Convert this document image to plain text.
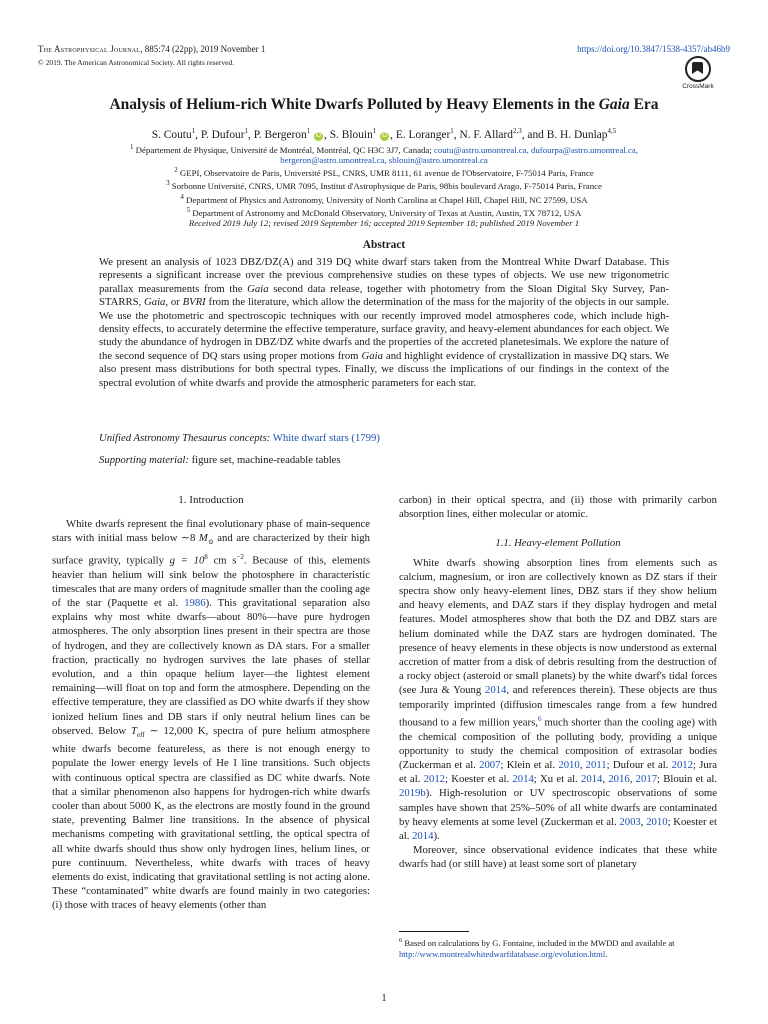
The Astrophysical Journal, 885:74 (22pp), 2019 November 1
© 2019. The American Astronomical Society. All rights reserved.
https://doi.org/10.3847/1538-4357/ab46b9
CrossMark
Analysis of Helium-rich White Dwarfs Polluted by Heavy Elements in the Gaia Era
S. Coutu$^1$, P. Dufour$^1$, P. Bergeron$^1$ iD , S. Blouin$^1$ iD , E. Loranger$^1$, N. F. Allard$^{2,3}$, and B. H. Dunlap$^{4,5}$
$^1$ Département de Physique, Université de Montréal, Montréal, QC H3C 3J7, Canada; coutu@astro.umontreal.ca, dufourpa@astro.umontreal.ca,
bergeron@astro.umontreal.ca, sblouin@astro.umontreal.ca
$^2$ GEPI, Observatoire de Paris, Université PSL, CNRS, UMR 8111, 61 avenue de l'Observatoire, F-75014 Paris, France
$^3$ Sorbonne Université, CNRS, UMR 7095, Institut d'Astrophysique de Paris, 98bis boulevard Arago, F-75014 Paris, France
$^4$ Department of Physics and Astronomy, University of North Carolina at Chapel Hill, Chapel Hill, NC 27599, USA
$^5$ Department of Astronomy and McDonald Observatory, University of Texas at Austin, Austin, TX 78712, USA
Received 2019 July 12; revised 2019 September 16; accepted 2019 September 18; published 2019 November 1
Abstract
We present an analysis of 1023 DBZ/DZ(A) and 319 DQ white dwarf stars taken from the Montreal White Dwarf Database. This represents a significant increase over the previous comprehensive studies on these types of objects. We use new trigonometric parallax measurements from the Gaia second data release, together with photometry from the Sloan Digital Sky Survey, Pan-STARRS, Gaia, or BVRI from the literature, which allow the determination of the mass for the majority of the objects in our sample. We use the photometric and spectroscopic techniques with our recently improved model atmospheres code, which include high-density effects, to accurately determine the effective temperature, surface gravity, and heavy-element abundances for each object. We study the abundance of hydrogen in DBZ/DZ white dwarfs and the properties of the accreted planetesimals. We explore the nature of the second sequence of DQ stars using proper motions from Gaia and highlight evidence of crystallization in massive DQ stars. We also present mass distributions for both spectral types. Finally, we discuss the implications of our findings in the context of the spectral evolution of white dwarfs and provide the atmospheric parameters for each star.
Unified Astronomy Thesaurus concepts: White dwarf stars (1799)
Supporting material: figure set, machine-readable tables
1. Introduction

White dwarfs represent the final evolutionary phase of main-sequence stars with initial mass below ∼8 $M_⊙$ and are characterized by their high surface gravity, typically $g = 10^8$ cm $s^{-2}$. Because of this, elements heavier than helium will sink below the photosphere in characteristic timescales that are many orders of magnitude smaller than the cooling age of the star (Paquette et al. 1986). This gravitational separation also explains why most white dwarfs—about 80%—have pure hydrogen atmospheres. The only absorption lines present in their spectra are those of hydrogen, and they are collectively known as DA stars. For a smaller fraction, practically no hydrogen survives the late phases of stellar evolution, and a thin opaque helium layer—the lightest element remaining—will float on top and form the atmosphere. Depending on the effective temperature, they are classified as DO white dwarfs if they show ionized helium lines and DB stars if only neutral helium lines can be observed. Below $T_{eff}$ ∼ 12,000 K, spectra of pure helium atmosphere white dwarfs become featureless, as there is not enough energy to populate the lower energy levels of He I line transitions. Such objects with continuous optical spectra are classified as DC white dwarfs. Note that a similar phenomenon also happens for hydrogen-rich white dwarfs cooler than about 5000 K, as the electrons are mostly found in the ground state, preventing Balmer line transitions. In the absence of physical mechanisms competing with gravitational settling, the optical spectra of all white dwarfs should thus show only hydrogen lines, helium lines, or pure continuum. Nevertheless, white dwarfs with traces of heavy elements do exist, indicating that gravitational settling is not acting alone. These “contaminated” white dwarfs are found mainly in two categories: (i) those with traces of heavy elements (other than

carbon) in their optical spectra, and (ii) those with primarily carbon absorption lines, either molecular or atomic.

1.1. Heavy-element Pollution

White dwarfs showing absorption lines from elements such as calcium, magnesium, or iron are collectively known as DZ stars if their spectra show only heavy-element lines, DBZ stars if they show helium and heavy elements, and DAZ stars if they display hydrogen and metal features. Model atmospheres show that both the DZ and DBZ stars are helium dominated while the DAZ stars are hydrogen dominated. The presence of heavy elements in these objects is now understood as external accretion of matter from a disk of debris resulting from the destruction of a rocky object (asteroid or small planets) by the white dwarf's tidal forces (see Jura & Young 2014, and references therein). These objects are thus temporarily imprinted (diffusion timescales range from a few hundred thousand to a few million years,$^6$ much shorter than the cooling age) with the chemical composition of the polluting body, providing a unique opportunity to study the chemical composition of extrasolar bodies (Zuckerman et al. 2007; Klein et al. 2010, 2011; Dufour et al. 2012; Jura et al. 2012; Koester et al. 2014; Xu et al. 2014, 2016, 2017; Blouin et al. 2019b). High-resolution or UV spectroscopic observations of some samples have shown that 25%–50% of all white dwarfs are contaminated by heavy elements at some level (Zuckerman et al. 2003, 2010; Koester et al. 2014).

Moreover, since observational evidence indicates that these white dwarfs had (or still have) at least some sort of planetary

$^6$ Based on calculations by G. Fontaine, included in the MWDD and available at http://www.montrealwhitedwarfdatabase.org/evolution.html.
1
